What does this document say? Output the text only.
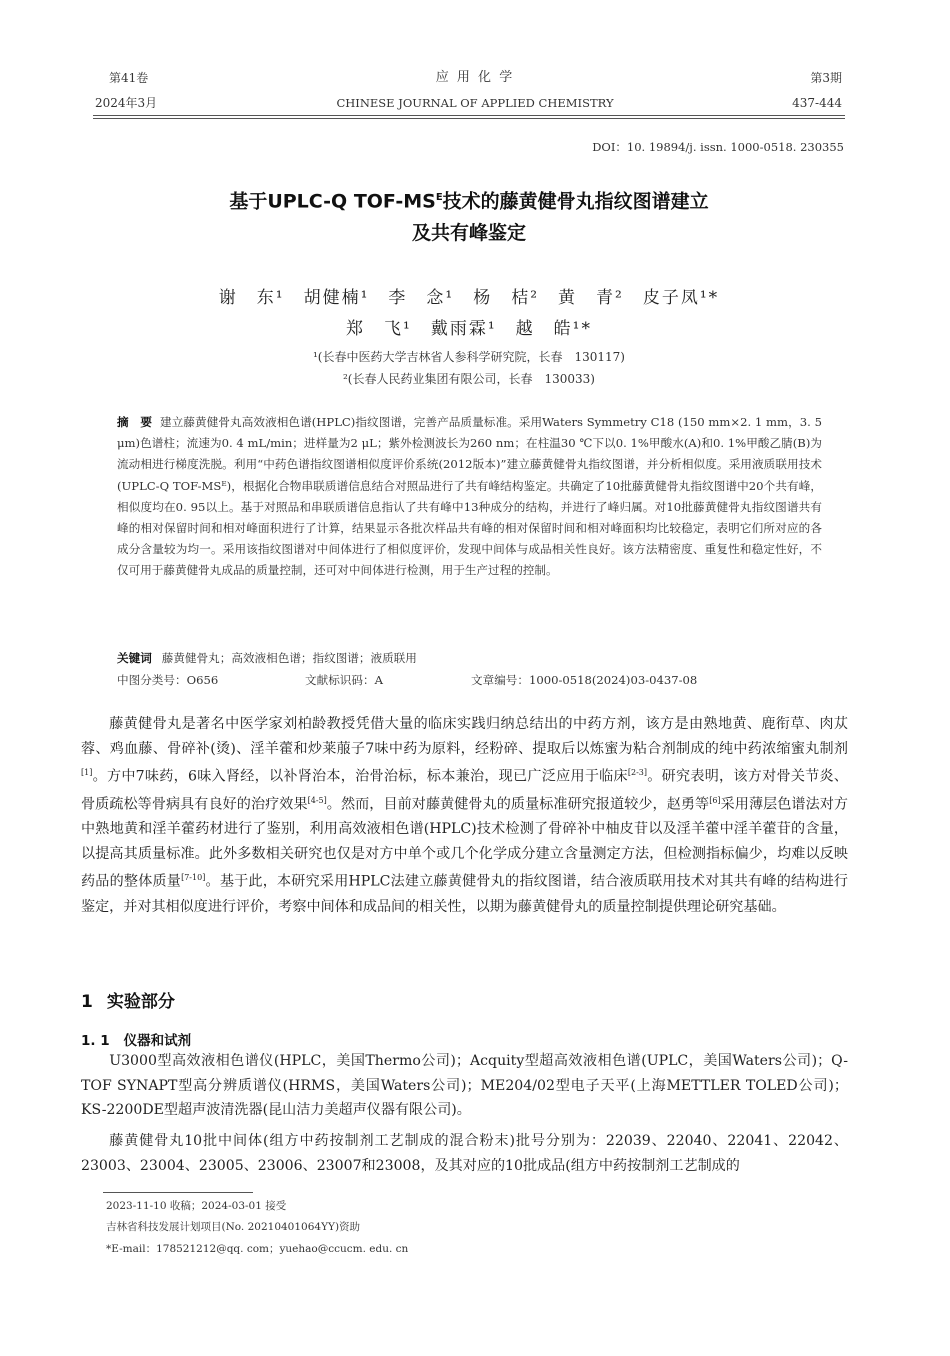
第41卷
2024年3月
应 用 化 学
CHINESE JOURNAL OF APPLIED CHEMISTRY
第3期
437-444
DOI：10. 19894/j. issn. 1000-0518. 230355
基于UPLC-Q TOF-$MS^E$技术的藤黄健骨丸指纹图谱建立
及共有峰鉴定
谢　东¹　胡健楠¹　李　念¹　杨　桔²　黄　青²　皮子凤¹*
郑　飞¹　戴雨霖¹　越　皓¹*
¹(长春中医药大学吉林省人参科学研究院，长春　130117)
²(长春人民药业集团有限公司，长春　130033)
摘　要 建立藤黄健骨丸高效液相色谱(HPLC)指纹图谱，完善产品质量标准。采用Waters Symmetry C18 (150 mm×2. 1 mm，3. 5 μm)色谱柱；流速为0. 4 mL/min；进样量为2 μL；紫外检测波长为260 nm；在柱温30 ℃下以0. 1%甲酸水(A)和0. 1%甲酸乙腈(B)为流动相进行梯度洗脱。利用“中药色谱指纹图谱相似度评价系统(2012版本)”建立藤黄健骨丸指纹图谱，并分析相似度。采用液质联用技术(UPLC-Q TOF-MSᴱ)，根据化合物串联质谱信息结合对照品进行了共有峰结构鉴定。共确定了10批藤黄健骨丸指纹图谱中20个共有峰，相似度均在0. 95以上。基于对照品和串联质谱信息指认了共有峰中13种成分的结构，并进行了峰归属。对10批藤黄健骨丸指纹图谱共有峰的相对保留时间和相对峰面积进行了计算，结果显示各批次样品共有峰的相对保留时间和相对峰面积均比较稳定，表明它们所对应的各成分含量较为均一。采用该指纹图谱对中间体进行了相似度评价，发现中间体与成品相关性良好。该方法精密度、重复性和稳定性好，不仅可用于藤黄健骨丸成品的质量控制，还可对中间体进行检测，用于生产过程的控制。
关键词 藤黄健骨丸；高效液相色谱；指纹图谱；液质联用
中图分类号：O656	文献标识码：A	文章编号：1000-0518(2024)03-0437-08
藤黄健骨丸是著名中医学家刘柏龄教授凭借大量的临床实践归纳总结出的中药方剂，该方是由熟地黄、鹿衔草、肉苁蓉、鸡血藤、骨碎补(烫)、淫羊藿和炒莱菔子7味中药为原料，经粉碎、提取后以炼蜜为粘合剂制成的纯中药浓缩蜜丸制剂[1]。方中7味药，6味入肾经，以补肾治本，治骨治标，标本兼治，现已广泛应用于临床[2-3]。研究表明，该方对骨关节炎、骨质疏松等骨病具有良好的治疗效果[4-5]。然而，目前对藤黄健骨丸的质量标准研究报道较少，赵勇等[6]采用薄层色谱法对方中熟地黄和淫羊藿药材进行了鉴别，利用高效液相色谱(HPLC)技术检测了骨碎补中柚皮苷以及淫羊藿中淫羊藿苷的含量，以提高其质量标准。此外多数相关研究也仅是对方中单个或几个化学成分建立含量测定方法，但检测指标偏少，均难以反映药品的整体质量[7-10]。基于此，本研究采用HPLC法建立藤黄健骨丸的指纹图谱，结合液质联用技术对其共有峰的结构进行鉴定，并对其相似度进行评价，考察中间体和成品间的相关性，以期为藤黄健骨丸的质量控制提供理论研究基础。
1 实验部分
1. 1 仪器和试剂
U3000型高效液相色谱仪(HPLC，美国Thermo公司)；Acquity型超高效液相色谱(UPLC，美国Waters公司)；Q-TOF SYNAPT型高分辨质谱仪(HRMS，美国Waters公司)；ME204/02型电子天平(上海METTLER TOLED公司)；KS-2200DE型超声波清洗器(昆山洁力美超声仪器有限公司)。
藤黄健骨丸10批中间体(组方中药按制剂工艺制成的混合粉末)批号分别为：22039、22040、22041、22042、23003、23004、23005、23006、23007和23008，及其对应的10批成品(组方中药按制剂工艺制成的
2023-11-10 收稿；2024-03-01 接受
吉林省科技发展计划项目(No. 20210401064YY)资助
*E-mail：178521212@qq. com；yuehao@ccucm. edu. cn
